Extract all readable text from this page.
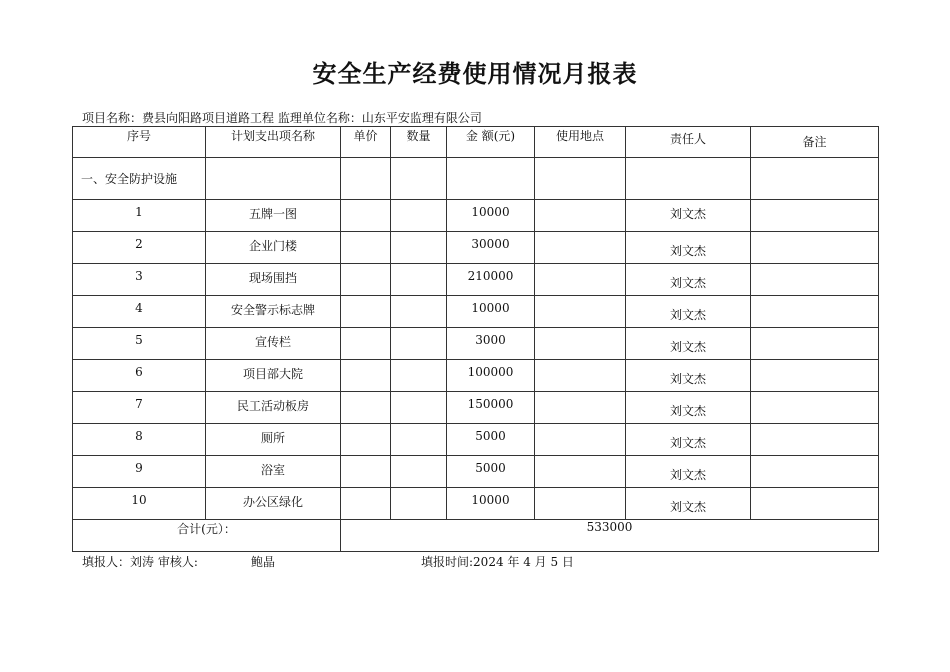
安全生产经费使用情况月报表
项目名称：费县向阳路项目道路工程 监理单位名称：山东平安监理有限公司
序号	计划支出项名称	单价	数量	金 额(元)	使用地点	责任人	备注
一、安全防护设施							
1	五牌一图			10000		刘文杰	
2	企业门楼			30000		刘文杰	
3	现场围挡			210000		刘文杰	
4	安全警示标志牌			10000		刘文杰	
5	宣传栏			3000		刘文杰	
6	项目部大院			100000		刘文杰	
7	民工活动板房			150000		刘文杰	
8	厕所			5000		刘文杰	
9	浴室			5000		刘文杰	
10	办公区绿化			10000		刘文杰	
合计(元）：		533000					
填报人：刘涛 审核人:	鲍晶	填报时间:2024 年 4 月 5 日
